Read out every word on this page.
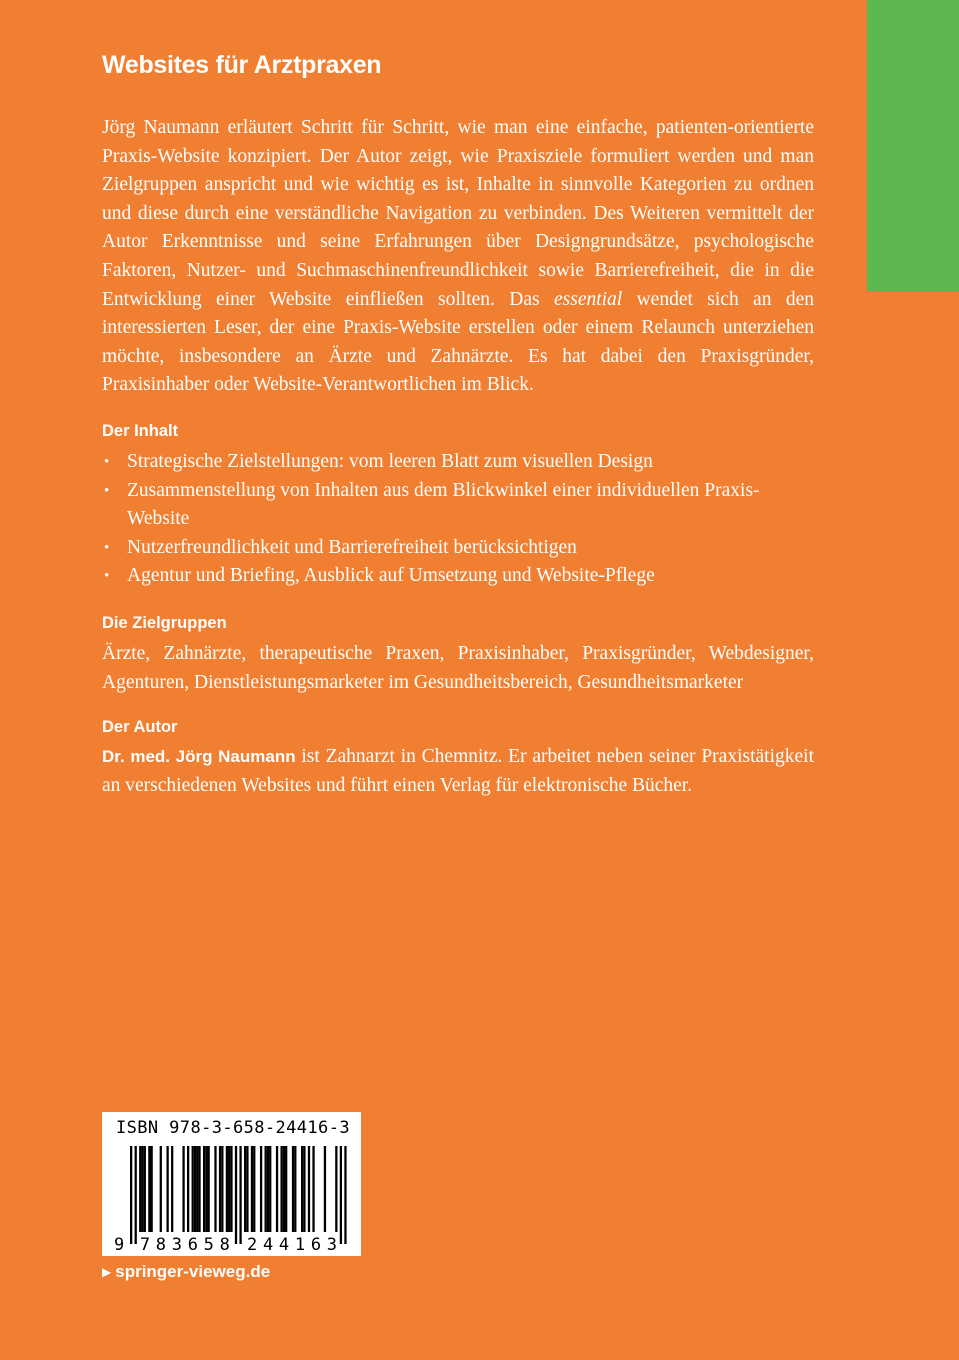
Websites für Arztpraxen

Jörg Naumann erläutert Schritt für Schritt, wie man eine einfache, patienten-orientierte Praxis-Website konzipiert. Der Autor zeigt, wie Praxisziele formuliert werden und man Zielgruppen anspricht und wie wichtig es ist, Inhalte in sinnvolle Kategorien zu ordnen und diese durch eine verständliche Navigation zu verbinden. Des Weiteren vermittelt der Autor Erkenntnisse und seine Erfahrungen über Designgrundsätze, psychologische Faktoren, Nutzer- und Suchmaschinenfreundlichkeit sowie Barrierefreiheit, die in die Entwicklung einer Website einfließen sollten. Das essential wendet sich an den interessierten Leser, der eine Praxis-Website erstellen oder einem Relaunch unterziehen möchte, insbesondere an Ärzte und Zahnärzte. Es hat dabei den Praxisgründer, Praxisinhaber oder Website-Verantwortlichen im Blick.

Der Inhalt
• Strategische Zielstellungen: vom leeren Blatt zum visuellen Design
• Zusammenstellung von Inhalten aus dem Blickwinkel einer individuellen Praxis-Website
• Nutzerfreundlichkeit und Barrierefreiheit berücksichtigen
• Agentur und Briefing, Ausblick auf Umsetzung und Website-Pflege
Die Zielgruppen

Ärzte, Zahnärzte, therapeutische Praxen, Praxisinhaber, Praxisgründer, Webdesigner, Agenturen, Dienstleistungsmarketer im Gesundheitsbereich, Gesundheitsmarketer

Der Autor

Dr. med. Jörg Naumann ist Zahnarzt in Chemnitz. Er arbeitet neben seiner Praxistätigkeit an verschiedenen Websites und führt einen Verlag für elektronische Bücher.

ISBN 978-3-658-24416-3
9 7 8 3 6 5 8 2 4 4 1 6 3
▶ springer-vieweg.de
